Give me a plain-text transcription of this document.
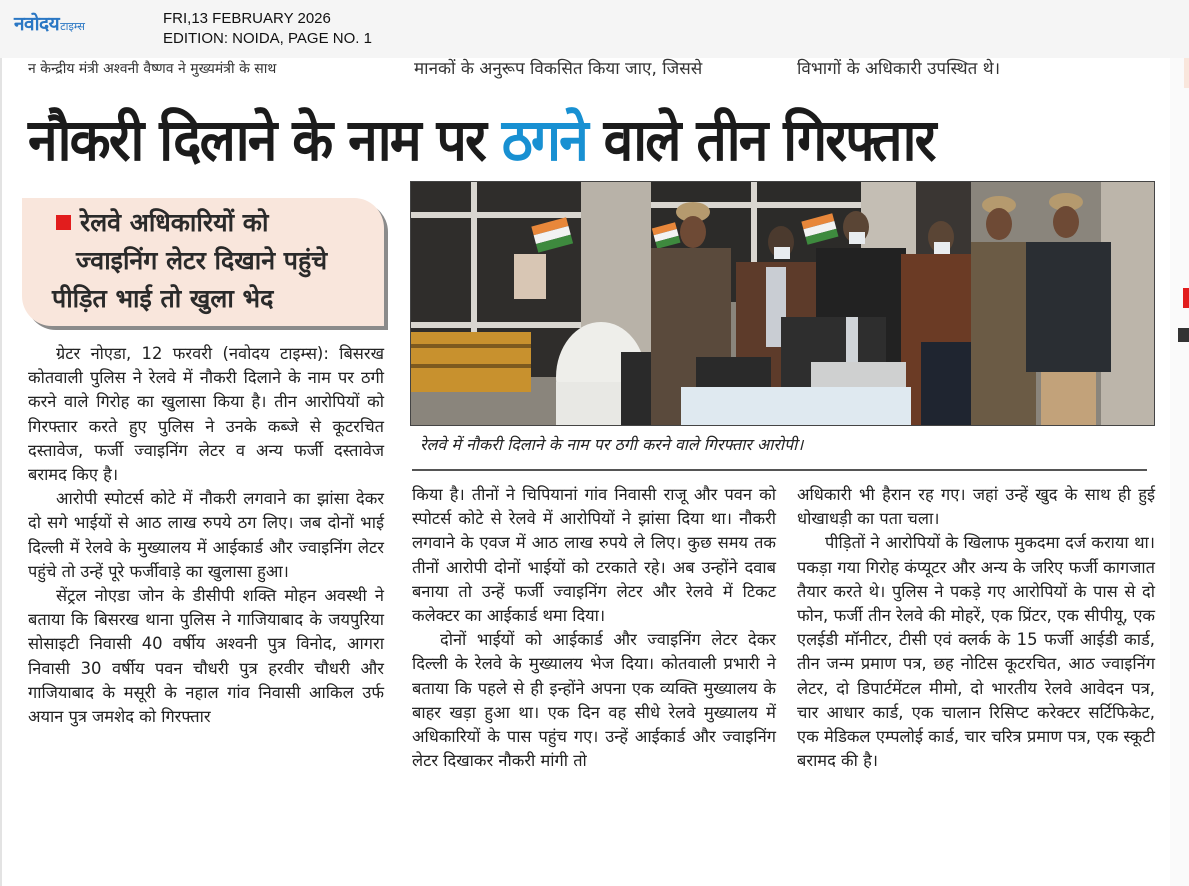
नवोदय टाइम्स	FRI,13 FEBRUARY 2026
EDITION: NOIDA, PAGE NO. 1
न केन्द्रीय मंत्री अश्वनी वैष्णव ने मुख्यमंत्री के साथ	मानकों के अनुरूप विकसित किया जाए, जिससे	विभागों के अधिकारी उपस्थित थे।
नौकरी दिलाने के नाम पर ठगने वाले तीन गिरफ्तार
रेलवे अधिकारियों को
ज्वाइनिंग लेटर दिखाने पहुंचे
पीड़ित भाई तो खुला भेद

ग्रेटर नोएडा, 12 फरवरी (नवोदय टाइम्स): बिसरख कोतवाली पुलिस ने रेलवे में नौकरी दिलाने के नाम पर ठगी करने वाले गिरोह का खुलासा किया है। तीन आरोपियों को गिरफ्तार करते हुए पुलिस ने उनके कब्जे से कूटरचित दस्तावेज, फर्जी ज्वाइनिंग लेटर व अन्य फर्जी दस्तावेज बरामद किए है।

आरोपी स्पोटर्स कोटे में नौकरी लगवाने का झांसा देकर दो सगे भाईयों से आठ लाख रुपये ठग लिए। जब दोनों भाई दिल्ली में रेलवे के मुख्यालय में आईकार्ड और ज्वाइनिंग लेटर पहुंचे तो उन्हें पूरे फर्जीवाड़े का खुलासा हुआ।

सेंट्रल नोएडा जोन के डीसीपी शक्ति मोहन अवस्थी ने बताया कि बिसरख थाना पुलिस ने गाजियाबाद के जयपुरिया सोसाइटी निवासी 40 वर्षीय अश्वनी पुत्र विनोद, आगरा निवासी 30 वर्षीय पवन चौधरी पुत्र हरवीर चौधरी और गाजियाबाद के मसूरी के नहाल गांव निवासी आकिल उर्फ अयान पुत्र जमशेद को गिरफ्तार

रेलवे में नौकरी दिलाने के नाम पर ठगी करने वाले गिरफ्तार आरोपी।

किया है। तीनों ने चिपियानां गांव निवासी राजू और पवन को स्पोटर्स कोटे से रेलवे में आरोपियों ने झांसा दिया था। नौकरी लगवाने के एवज में आठ लाख रुपये ले लिए। कुछ समय तक तीनों आरोपी दोनों भाईयों को टरकाते रहे। अब उन्होंने दवाब बनाया तो उन्हें फर्जी ज्वाइनिंग लेटर और रेलवे में टिकट कलेक्टर का आईकार्ड थमा दिया।

दोनों भाईयों को आईकार्ड और ज्वाइनिंग लेटर देकर दिल्ली के रेलवे के मुख्यालय भेज दिया। कोतवाली प्रभारी ने बताया कि पहले से ही इन्होंने अपना एक व्यक्ति मुख्यालय के बाहर खड़ा हुआ था। एक दिन वह सीधे रेलवे मुख्यालय में अधिकारियों के पास पहुंच गए। उन्हें आईकार्ड और ज्वाइनिंग लेटर दिखाकर नौकरी मांगी तो

अधिकारी भी हैरान रह गए। जहां उन्हें खुद के साथ ही हुई धोखाधड़ी का पता चला।

पीड़ितों ने आरोपियों के खिलाफ मुकदमा दर्ज कराया था। पकड़ा गया गिरोह कंप्यूटर और अन्य के जरिए फर्जी कागजात तैयार करते थे। पुलिस ने पकड़े गए आरोपियों के पास से दो फोन, फर्जी तीन रेलवे की मोहरें, एक प्रिंटर, एक सीपीयू, एक एलईडी मॉनीटर, टीसी एवं क्लर्क के 15 फर्जी आईडी कार्ड, तीन जन्म प्रमाण पत्र, छह नोटिस कूटरचित, आठ ज्वाइनिंग लेटर, दो डिपार्टमेंटल मीमो, दो भारतीय रेलवे आवेदन पत्र, चार आधार कार्ड, एक चालान रिसिप्ट करेक्टर सर्टिफिकेट, एक मेडिकल एम्पलोई कार्ड, चार चरित्र प्रमाण पत्र, एक स्कूटी बरामद की है।
